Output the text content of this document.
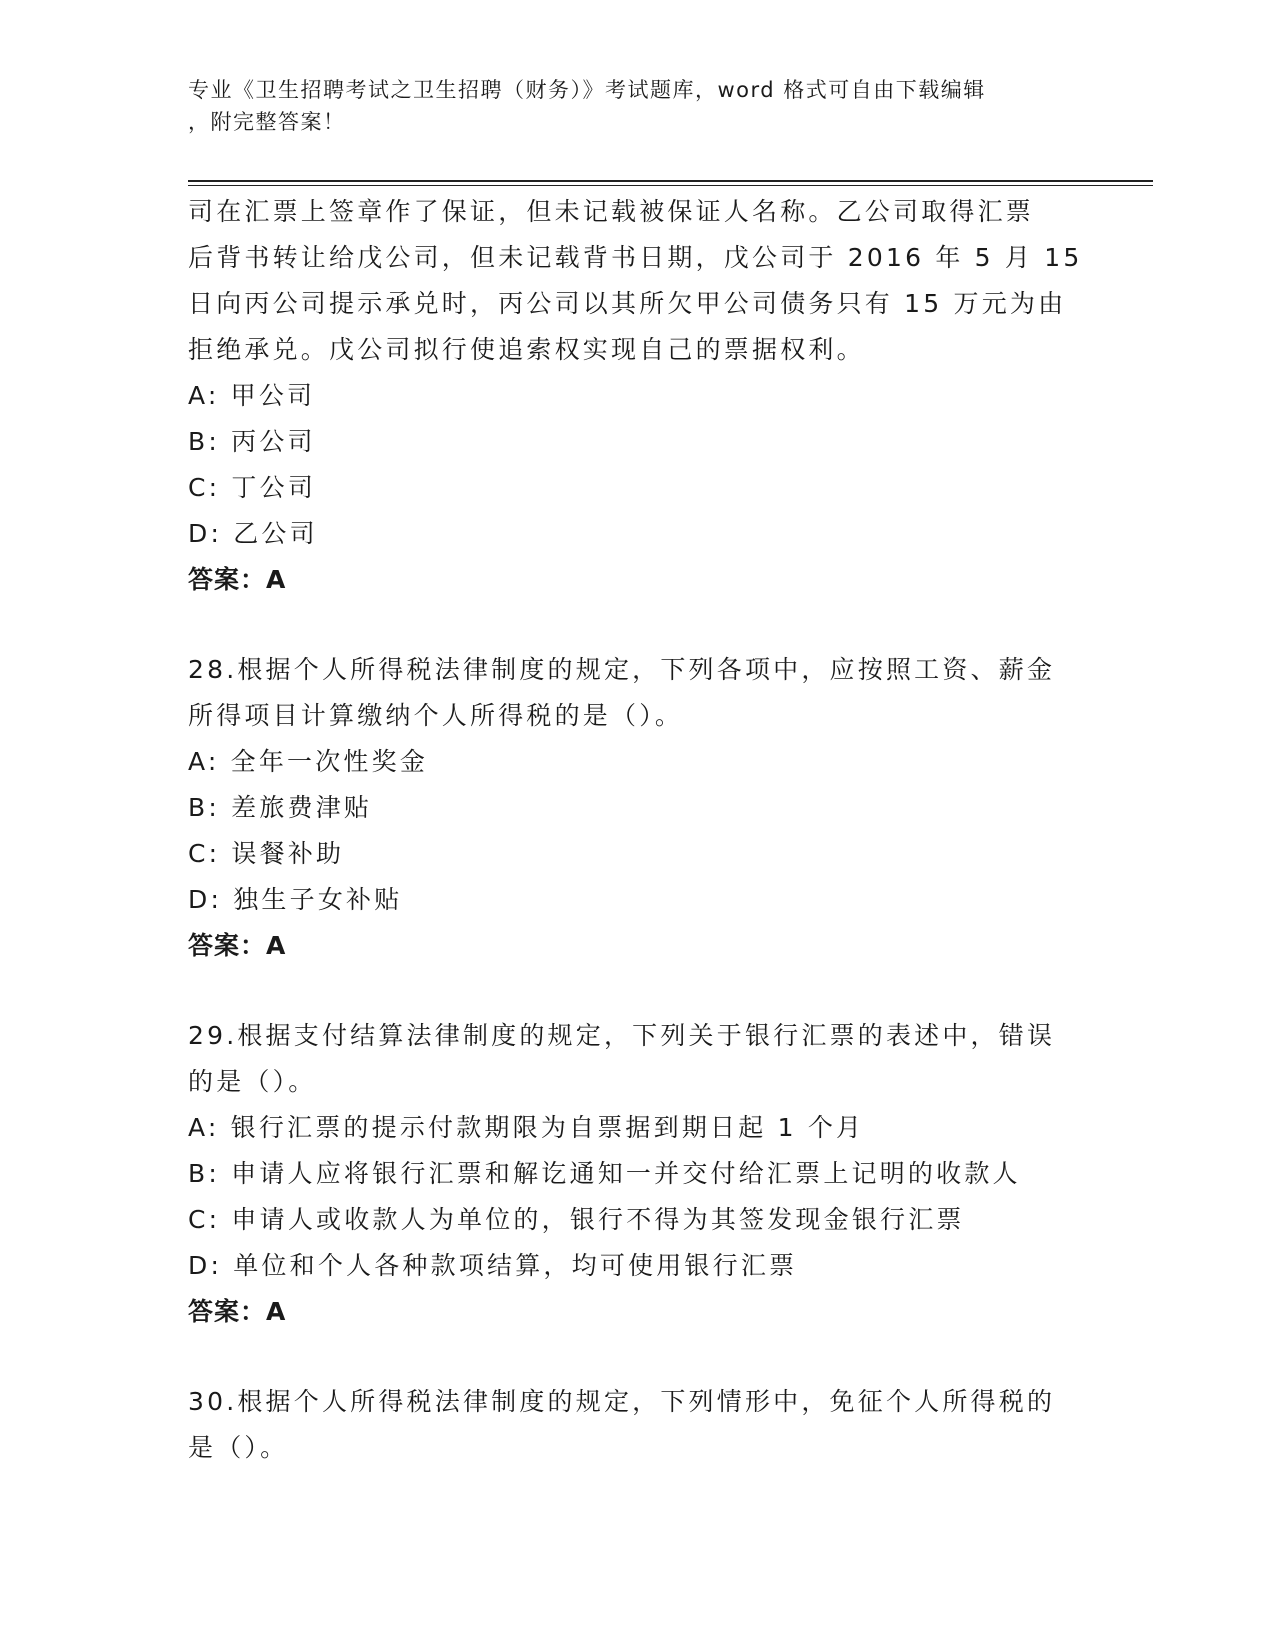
专业《卫生招聘考试之卫生招聘（财务）》考试题库，word 格式可自由下载编辑
，附完整答案！
司在汇票上签章作了保证，但未记载被保证人名称。乙公司取得汇票
后背书转让给戊公司，但未记载背书日期，戊公司于 2016 年 5 月 15
日向丙公司提示承兑时，丙公司以其所欠甲公司债务只有 15 万元为由
拒绝承兑。戊公司拟行使追索权实现自己的票据权利。
A: 甲公司
B: 丙公司
C: 丁公司
D: 乙公司
答案：A
28.根据个人所得税法律制度的规定，下列各项中，应按照工资、薪金
所得项目计算缴纳个人所得税的是（）。
A: 全年一次性奖金
B: 差旅费津贴
C: 误餐补助
D: 独生子女补贴
答案：A
29.根据支付结算法律制度的规定，下列关于银行汇票的表述中，错误
的是（）。
A: 银行汇票的提示付款期限为自票据到期日起 1 个月
B: 申请人应将银行汇票和解讫通知一并交付给汇票上记明的收款人
C: 申请人或收款人为单位的，银行不得为其签发现金银行汇票
D: 单位和个人各种款项结算，均可使用银行汇票
答案：A
30.根据个人所得税法律制度的规定，下列情形中，免征个人所得税的
是（）。
